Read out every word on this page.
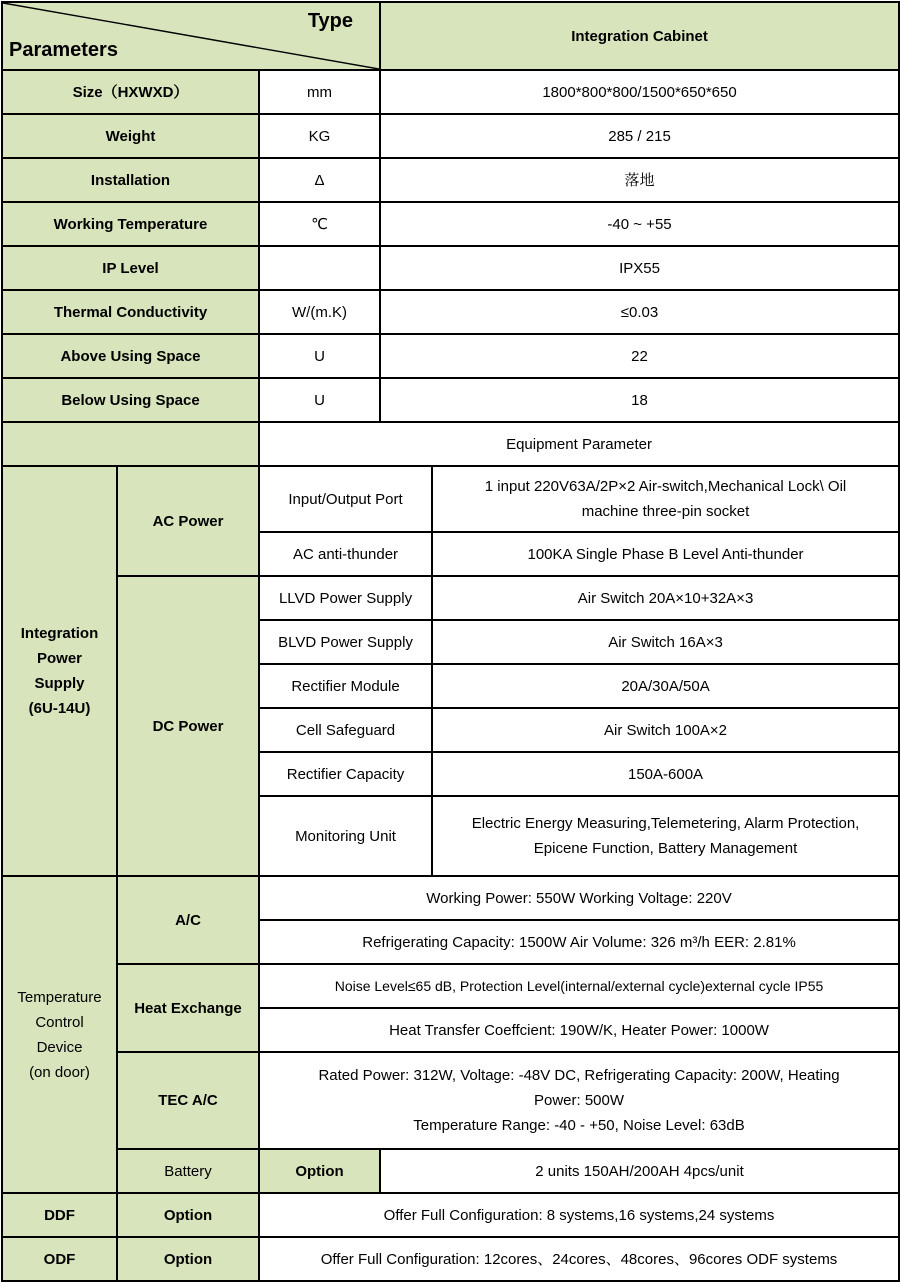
Type
Parameters			Integration Cabinet	
Size（HXWXD）		mm	1800*800*800/1500*650*650	
Weight		KG	285 / 215	
Installation		Δ	落地	
Working Temperature		℃	-40 ~ +55	
IP Level			IPX55	
Thermal Conductivity		W/(m.K)	≤0.03	
Above Using Space		U	22	
Below Using Space		U	18	
		Equipment Parameter		

Integration
Power
Supply
(6U-14U)	AC Power	Input/Output Port		1 input 220V63A/2P×2 Air-switch,Mechanical Lock\ Oil
machine three-pin socket

		AC anti-thunder		100KA Single Phase B Level Anti-thunder
	DC Power	LLVD Power Supply		Air Switch 20A×10+32A×3
		BLVD Power Supply		Air Switch 16A×3
		Rectifier Module		20A/30A/50A
		Cell Safeguard		Air Switch 100A×2
		Rectifier Capacity		150A-600A
		Monitoring Unit		Electric Energy Measuring,Telemetering, Alarm Protection,
Epicene Function, Battery Management

Temperature
Control
Device
(on door)	A/C	Working Power: 550W Working Voltage: 220V		
		Refrigerating Capacity: 1500W Air Volume: 326 m³/h EER: 2.81%		
	Heat Exchange	Noise Level≤65 dB, Protection Level(internal/external cycle)external cycle IP55		
		Heat Transfer Coeffcient: 190W/K, Heater Power: 1000W		
	TEC A/C	Rated Power: 312W, Voltage: -48V DC, Refrigerating Capacity: 200W, Heating
Power: 500W
Temperature Range: -40 - +50, Noise Level: 63dB		

	Battery	Option	2 units 150AH/200AH 4pcs/unit	
DDF	Option	Offer Full Configuration: 8 systems,16 systems,24 systems		
ODF	Option	Offer Full Configuration: 12cores、24cores、48cores、96cores ODF systems		
